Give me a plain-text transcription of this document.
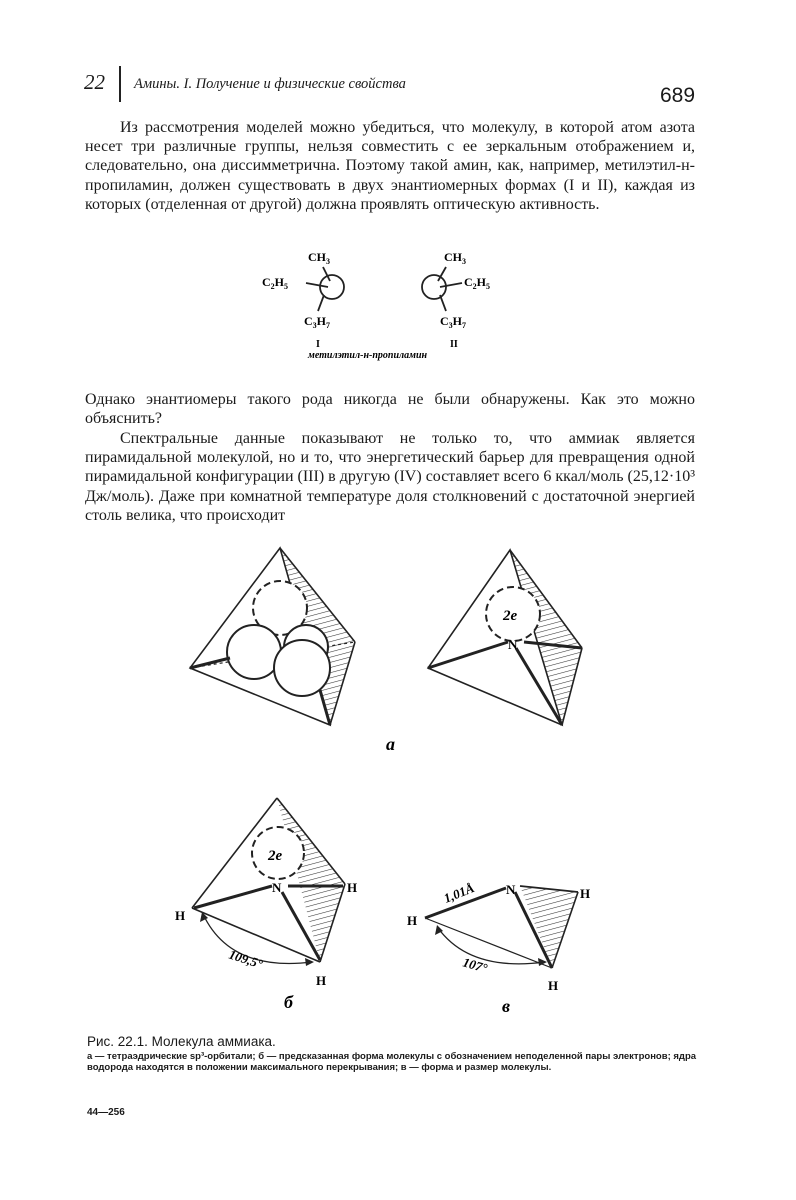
22 Амины. I. Получение и физические свойства	689

Из рассмотрения моделей можно убедиться, что молекулу, в которой атом азота несет три различные группы, нельзя совместить с ее зеркальным отображением и, следовательно, она диссимметрична. Поэтому такой амин, как, например, метилэтил-н-пропиламин, должен существовать в двух энантиомерных формах (I и II), каждая из которых (отделенная от другой) должна проявлять оптическую активность.

$CH_3$
$C_2H_5$
$C_3H_7$
I
$CH_3$
$C_2H_5$
$C_3H_7$
II
метилэтил-н-пропиламин

Однако энантиомеры такого рода никогда не были обнаружены. Как это можно объяснить?

Спектральные данные показывают не только то, что аммиак является пирамидальной молекулой, но и то, что энергетический барьер для превращения одной пирамидальной конфигурации (III) в другую (IV) составляет всего 6 ккал/моль (25,12·10³ Дж/моль). Даже при комнатной температуре доля столкновений с достаточной энергией столь велика, что происходит

2e
N
а
2e
N	H
H
H
109,5°
б
N	H
H
H
1,01Å
107°
в
Рис. 22.1. Молекула аммиака.
а — тетраэдрические sp³-орбитали; б — предсказанная форма молекулы с обозначением неподеленной пары электронов; ядра водорода находятся в положении максимального перекрывания; в — форма и размер молекулы.
44—256
